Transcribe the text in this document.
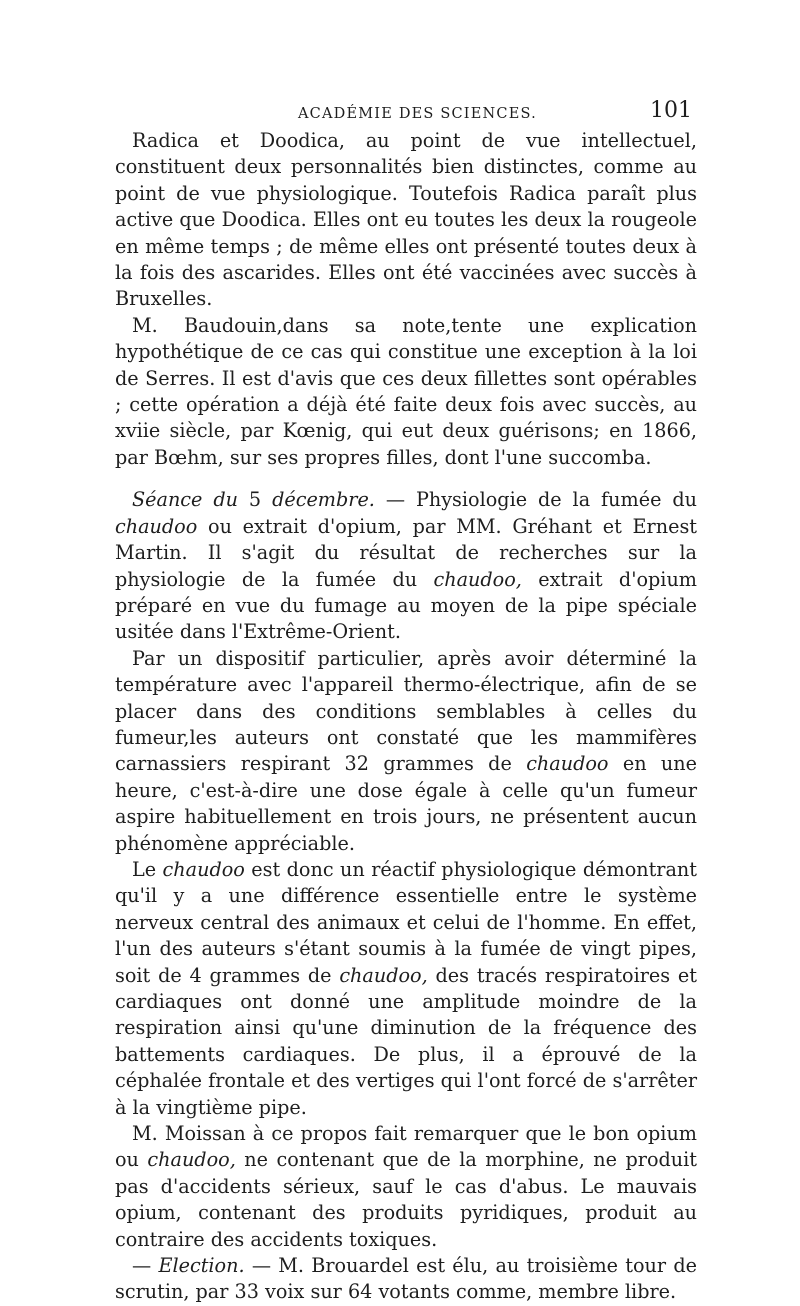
ACADÉMIE DES SCIENCES.	101

Radica et Doodica, au point de vue intellectuel, constituent deux personnalités bien distinctes, comme au point de vue physiologique. Toutefois Radica paraît plus active que Doodica. Elles ont eu toutes les deux la rougeole en même temps ; de même elles ont présenté toutes deux à la fois des ascarides. Elles ont été vaccinées avec succès à Bruxelles.

M. Baudouin,dans sa note,tente une explication hypothétique de ce cas qui constitue une exception à la loi de Serres. Il est d'avis que ces deux fillettes sont opérables ; cette opération a déjà été faite deux fois avec succès, au xviie siècle, par Kœnig, qui eut deux guérisons; en 1866, par Bœhm, sur ses propres filles, dont l'une succomba.

Séance du 5 décembre. — Physiologie de la fumée du chaudoo ou extrait d'opium, par MM. Gréhant et Ernest Martin. Il s'agit du résultat de recherches sur la physiologie de la fumée du chaudoo, extrait d'opium préparé en vue du fumage au moyen de la pipe spéciale usitée dans l'Extrême-Orient.

Par un dispositif particulier, après avoir déterminé la température avec l'appareil thermo-électrique, afin de se placer dans des conditions semblables à celles du fumeur,les auteurs ont constaté que les mammifères carnassiers respirant 32 grammes de chaudoo en une heure, c'est-à-dire une dose égale à celle qu'un fumeur aspire habituellement en trois jours, ne présentent aucun phénomène appréciable.

Le chaudoo est donc un réactif physiologique démontrant qu'il y a une différence essentielle entre le système nerveux central des animaux et celui de l'homme. En effet, l'un des auteurs s'étant soumis à la fumée de vingt pipes, soit de 4 grammes de chaudoo, des tracés respiratoires et cardiaques ont donné une amplitude moindre de la respiration ainsi qu'une diminution de la fréquence des battements cardiaques. De plus, il a éprouvé de la céphalée frontale et des vertiges qui l'ont forcé de s'arrêter à la vingtième pipe.

M. Moissan à ce propos fait remarquer que le bon opium ou chaudoo, ne contenant que de la morphine, ne produit pas d'accidents sérieux, sauf le cas d'abus. Le mauvais opium, contenant des produits pyridiques, produit au contraire des accidents toxiques.

— Election. — M. Brouardel est élu, au troisième tour de scrutin, par 33 voix sur 64 votants comme, membre libre.
